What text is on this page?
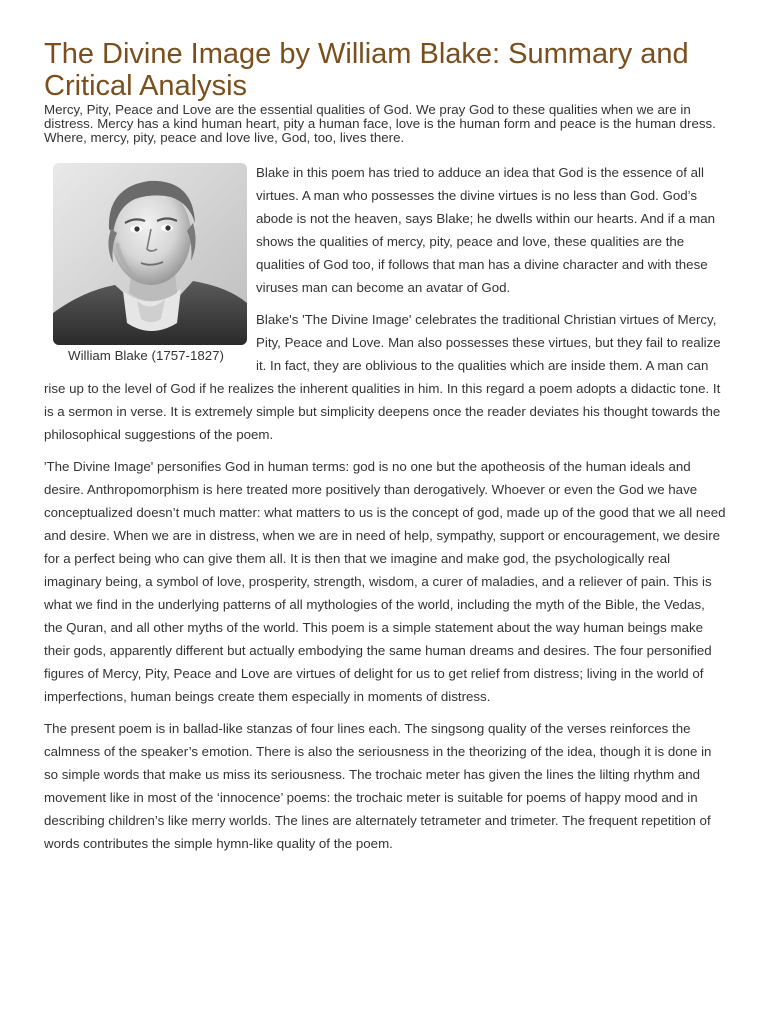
The Divine Image by William Blake: Summary and Critical Analysis

Mercy, Pity, Peace and Love are the essential qualities of God. We pray God to these qualities when we are in distress. Mercy has a kind human heart, pity a human face, love is the human form and peace is the human dress. Where, mercy, pity, peace and love live, God, too, lives there.

William Blake (1757-1827)

Blake in this poem has tried to adduce an idea that God is the essence of all virtues. A man who possesses the divine virtues is no less than God. God’s abode is not the heaven, says Blake; he dwells within our hearts. And if a man shows the qualities of mercy, pity, peace and love, these qualities are the qualities of God too, if follows that man has a divine character and with these viruses man can become an avatar of God.

Blake's 'The Divine Image' celebrates the traditional Christian virtues of Mercy, Pity, Peace and Love. Man also possesses these virtues, but they fail to realize it. In fact, they are oblivious to the qualities which are inside them. A man can rise up to the level of God if he realizes the inherent qualities in him. In this regard a poem adopts a didactic tone. It is a sermon in verse. It is extremely simple but simplicity deepens once the reader deviates his thought towards the philosophical suggestions of the poem.

'The Divine Image' personifies God in human terms: god is no one but the apotheosis of the human ideals and desire. Anthropomorphism is here treated more positively than derogatively. Whoever or even the God we have conceptualized doesn’t much matter: what matters to us is the concept of god, made up of the good that we all need and desire. When we are in distress, when we are in need of help, sympathy, support or encouragement, we desire for a perfect being who can give them all. It is then that we imagine and make god, the psychologically real imaginary being, a symbol of love, prosperity, strength, wisdom, a curer of maladies, and a reliever of pain. This is what we find in the underlying patterns of all mythologies of the world, including the myth of the Bible, the Vedas, the Quran, and all other myths of the world. This poem is a simple statement about the way human beings make their gods, apparently different but actually embodying the same human dreams and desires. The four personified figures of Mercy, Pity, Peace and Love are virtues of delight for us to get relief from distress; living in the world of imperfections, human beings create them especially in moments of distress.

The present poem is in ballad-like stanzas of four lines each. The singsong quality of the verses reinforces the calmness of the speaker’s emotion. There is also the seriousness in the theorizing of the idea, though it is done in so simple words that make us miss its seriousness. The trochaic meter has given the lines the lilting rhythm and movement like in most of the ‘innocence’ poems: the trochaic meter is suitable for poems of happy mood and in describing children’s like merry worlds. The lines are alternately tetrameter and trimeter. The frequent repetition of words contributes the simple hymn-like quality of the poem.
